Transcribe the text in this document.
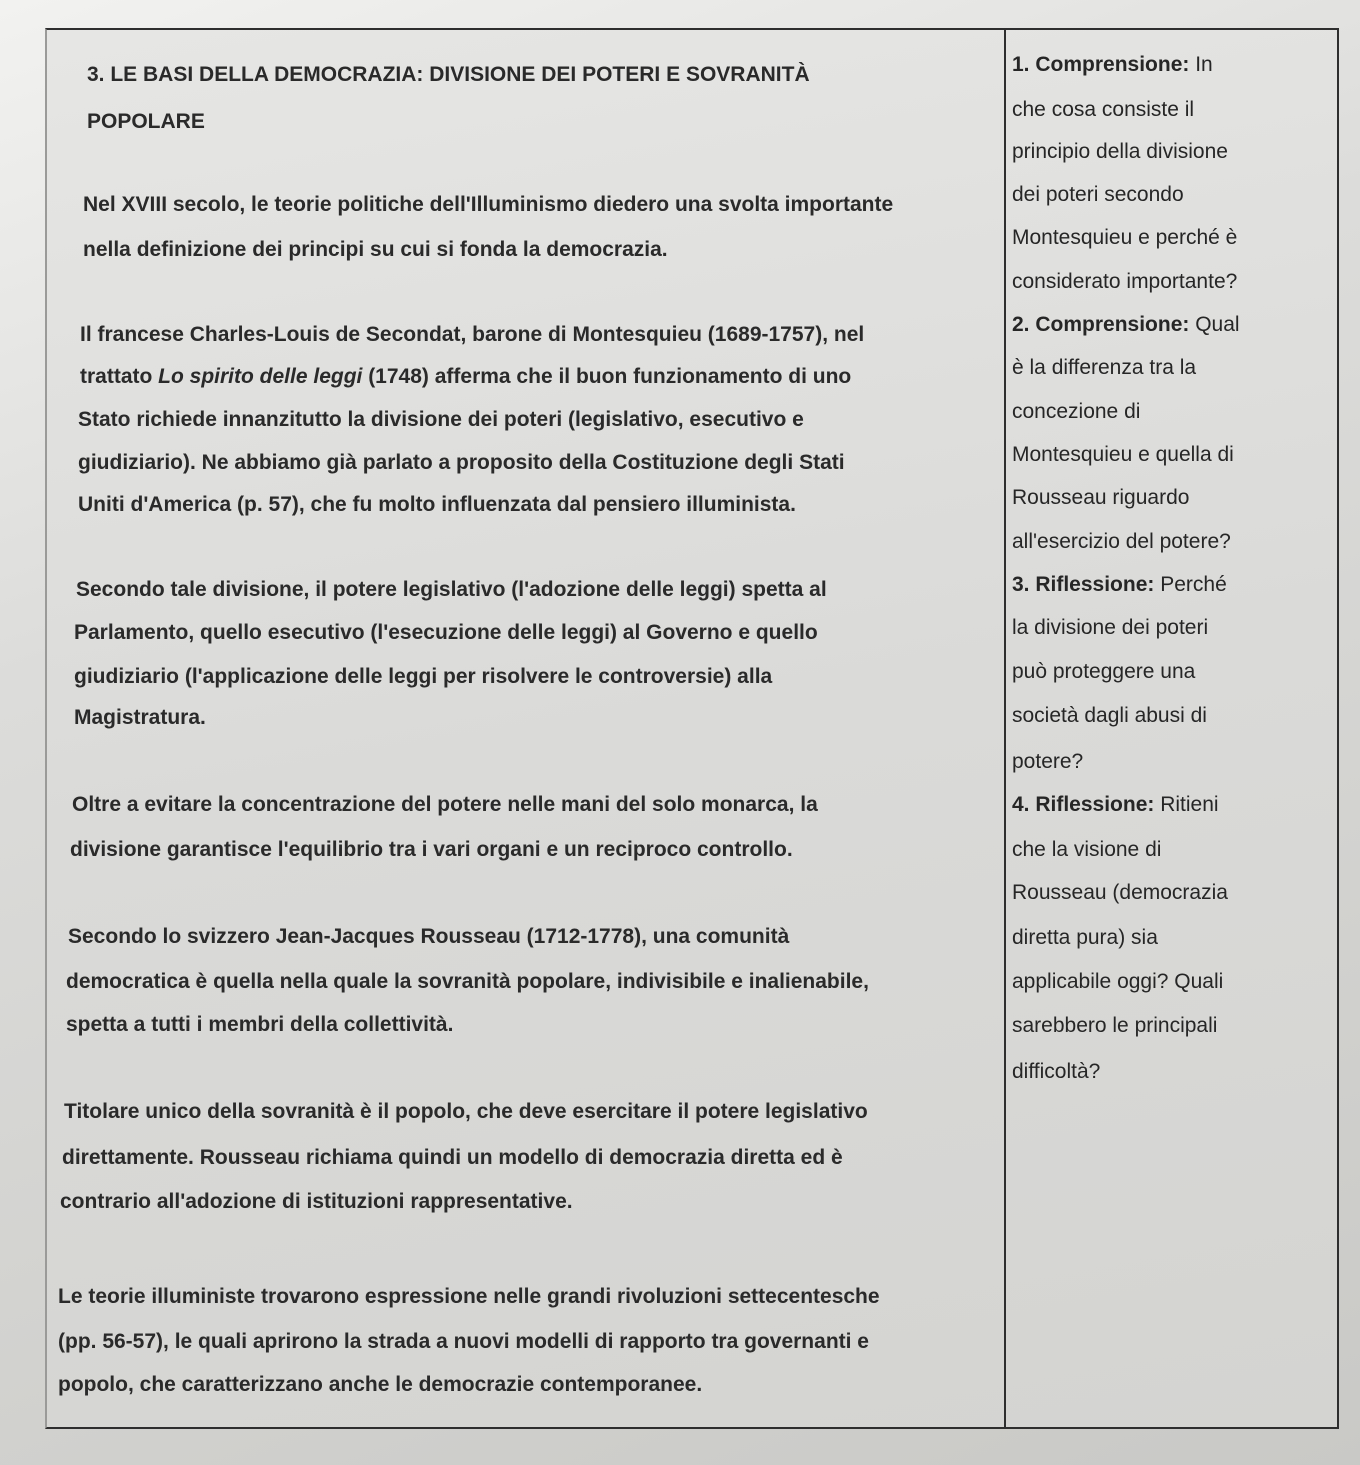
3. LE BASI DELLA DEMOCRAZIA: DIVISIONE DEI POTERI E SOVRANITÀ
POPOLARE
Nel XVIII secolo, le teorie politiche dell'Illuminismo diedero una svolta importante
nella definizione dei principi su cui si fonda la democrazia.
Il francese Charles-Louis de Secondat, barone di Montesquieu (1689-1757), nel
trattato Lo spirito delle leggi (1748) afferma che il buon funzionamento di uno
Stato richiede innanzitutto la divisione dei poteri (legislativo, esecutivo e
giudiziario). Ne abbiamo già parlato a proposito della Costituzione degli Stati
Uniti d'America (p. 57), che fu molto influenzata dal pensiero illuminista.
Secondo tale divisione, il potere legislativo (l'adozione delle leggi) spetta al
Parlamento, quello esecutivo (l'esecuzione delle leggi) al Governo e quello
giudiziario (l'applicazione delle leggi per risolvere le controversie) alla
Magistratura.
Oltre a evitare la concentrazione del potere nelle mani del solo monarca, la
divisione garantisce l'equilibrio tra i vari organi e un reciproco controllo.
Secondo lo svizzero Jean-Jacques Rousseau (1712-1778), una comunità
democratica è quella nella quale la sovranità popolare, indivisibile e inalienabile,
spetta a tutti i membri della collettività.
Titolare unico della sovranità è il popolo, che deve esercitare il potere legislativo
direttamente. Rousseau richiama quindi un modello di democrazia diretta ed è
contrario all'adozione di istituzioni rappresentative.
Le teorie illuministe trovarono espressione nelle grandi rivoluzioni settecentesche
(pp. 56-57), le quali aprirono la strada a nuovi modelli di rapporto tra governanti e
popolo, che caratterizzano anche le democrazie contemporanee.
1. Comprensione: In
che cosa consiste il
principio della divisione
dei poteri secondo
Montesquieu e perché è
considerato importante?
2. Comprensione: Qual
è la differenza tra la
concezione di
Montesquieu e quella di
Rousseau riguardo
all'esercizio del potere?
3. Riflessione: Perché
la divisione dei poteri
può proteggere una
società dagli abusi di
potere?
4. Riflessione: Ritieni
che la visione di
Rousseau (democrazia
diretta pura) sia
applicabile oggi? Quali
sarebbero le principali
difficoltà?
